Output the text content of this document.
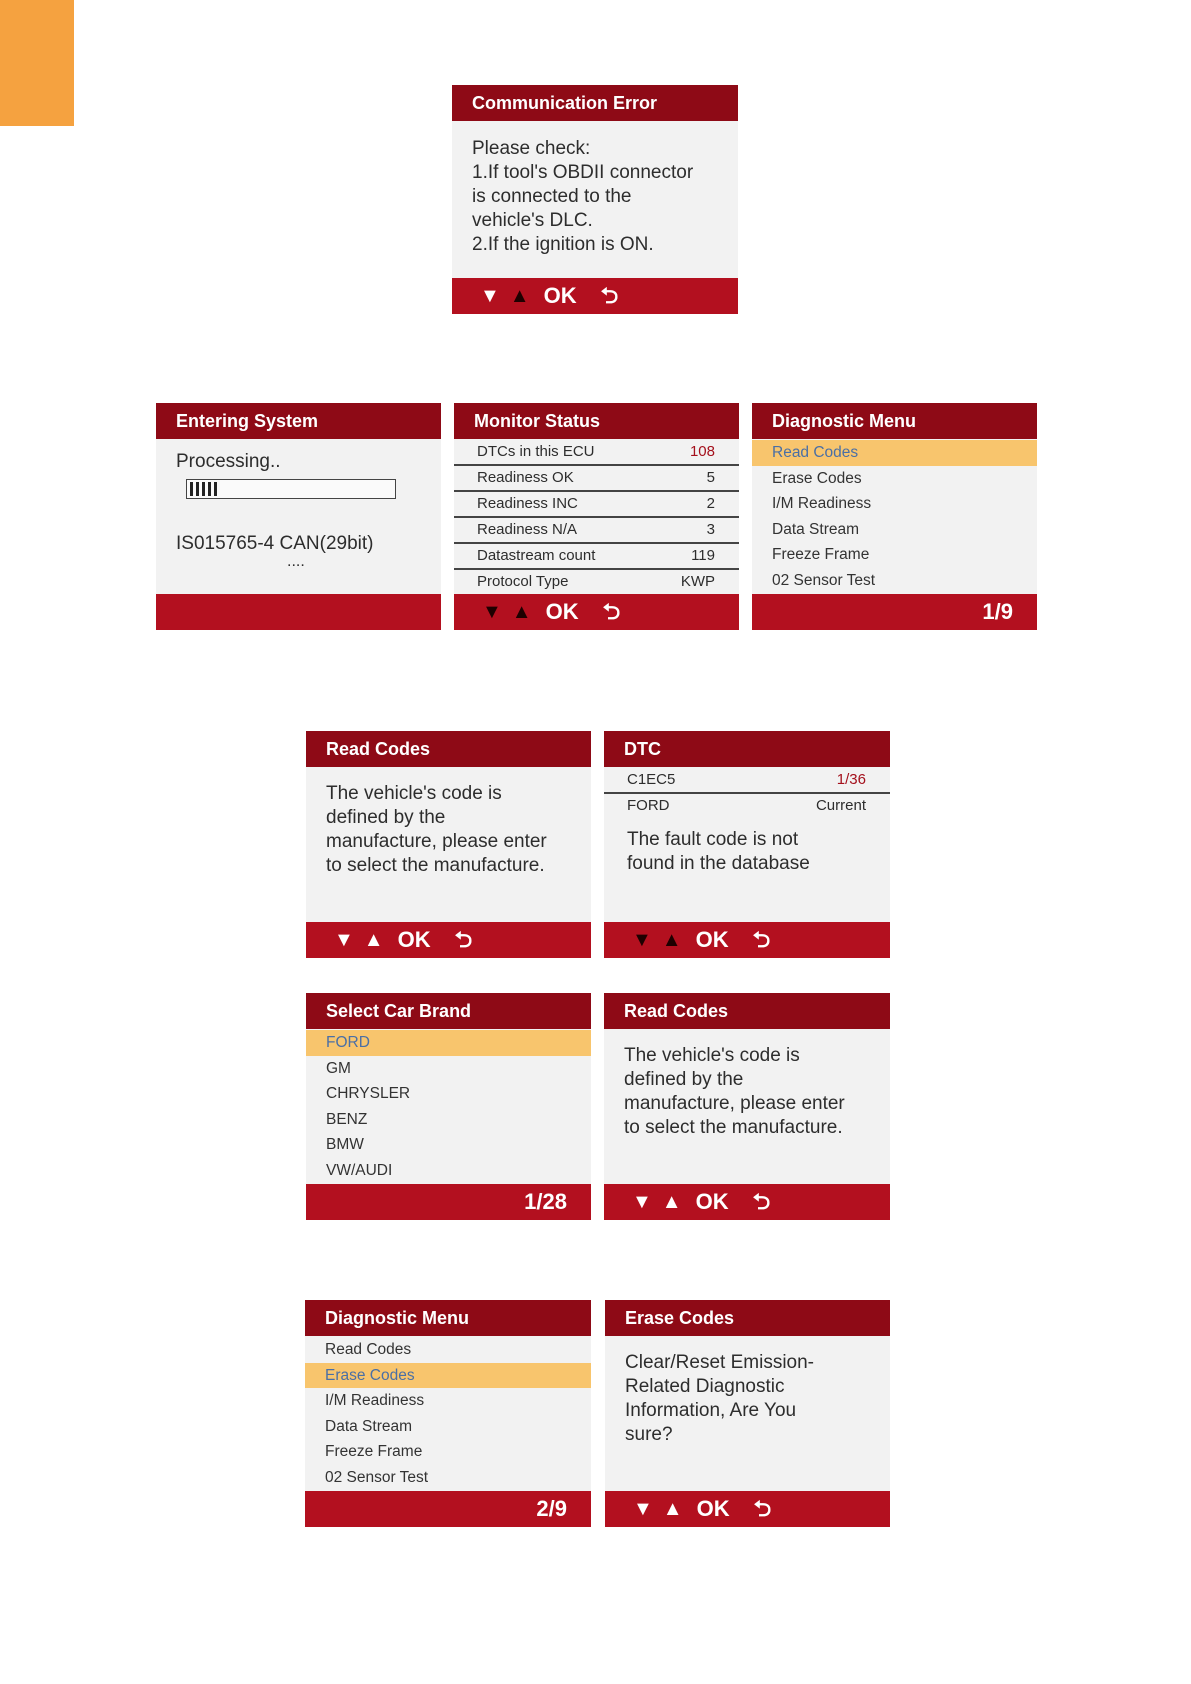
Communication Error
Please check:
1.If tool's OBDII connector
is connected to the
vehicle's DLC.
2.If the ignition is ON.
▼ ▲ OK ⮌
Entering System
Processing..
IS015765-4 CAN(29bit)
....
Monitor Status
DTCs in this ECU	108
Readiness OK	5
Readiness INC	2
Readiness N/A	3
Datastream count	119
Protocol Type	KWP
▼ ▲ OK ⮌
Diagnostic Menu
Read Codes
Erase Codes
I/M Readiness
Data Stream
Freeze Frame
02 Sensor Test
1/9
Read Codes
The vehicle's code is
defined by the
manufacture, please enter
to select the manufacture.
▼ ▲ OK ⮌
DTC
C1EC5	1/36
FORD	Current
The fault code is not
found in the database
▼ ▲ OK ⮌
Select Car Brand
FORD
GM
CHRYSLER
BENZ
BMW
VW/AUDI
1/28
Read Codes
The vehicle's code is
defined by the
manufacture, please enter
to select the manufacture.
▼ ▲ OK ⮌
Diagnostic Menu
Read Codes
Erase Codes
I/M Readiness
Data Stream
Freeze Frame
02 Sensor Test
2/9
Erase Codes
Clear/Reset Emission-
Related Diagnostic
Information, Are You
sure?
▼ ▲ OK ⮌
